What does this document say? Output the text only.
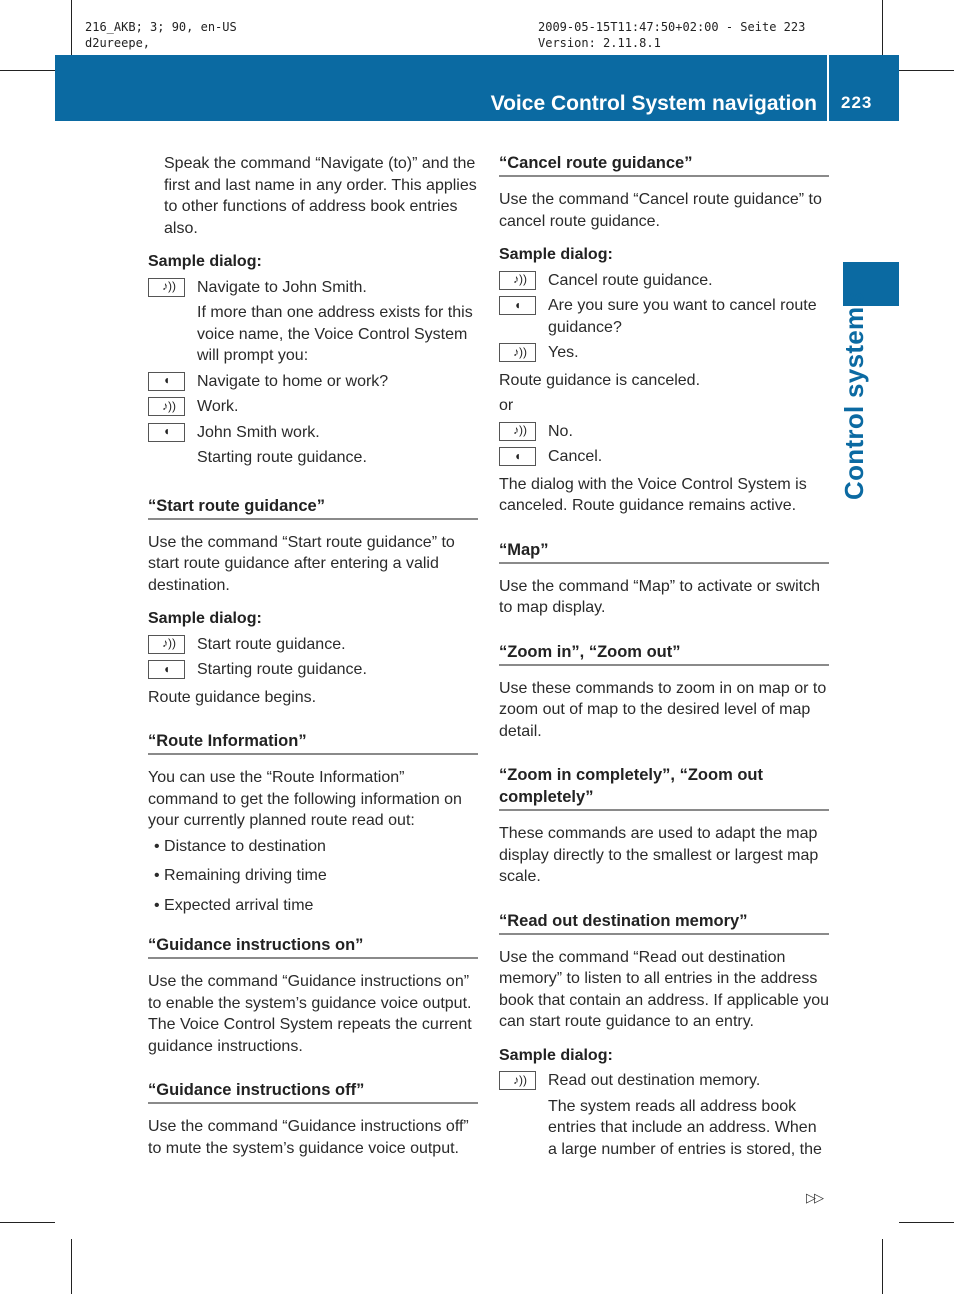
216_AKB; 3; 90, en-US
d2ureepe,
2009-05-15T11:47:50+02:00 - Seite 223
Version: 2.11.8.1
Voice Control System navigation 223
Control systems

Speak the command “Navigate (to)” and the first and last name in any order. This applies to other functions of address book entries also.

Sample dialog:
♪))	Navigate to John Smith.
If more than one address exists for this voice name, the Voice Control System will prompt you:
◖	Navigate to home or work?
♪))	Work.
◖	John Smith work.
Starting route guidance.
“Start route guidance”

Use the command “Start route guidance” to start route guidance after entering a valid destination.

Sample dialog:
♪))	Start route guidance.
◖	Starting route guidance.

Route guidance begins.

“Route Information”

You can use the “Route Information” command to get the following information on your currently planned route read out:

• Distance to destination
• Remaining driving time
• Expected arrival time
“Guidance instructions on”

Use the command “Guidance instructions on” to enable the system’s guidance voice output. The Voice Control System repeats the current guidance instructions.

“Guidance instructions off”

Use the command “Guidance instructions off” to mute the system’s guidance voice output.

“Cancel route guidance”

Use the command “Cancel route guidance” to cancel route guidance.

Sample dialog:
♪))	Cancel route guidance.
◖	Are you sure you want to cancel route guidance?
♪))	Yes.

Route guidance is canceled.

or

♪))	No.
◖	Cancel.

The dialog with the Voice Control System is canceled. Route guidance remains active.

“Map”

Use the command “Map” to activate or switch to map display.

“Zoom in”, “Zoom out”

Use these commands to zoom in on map or to zoom out of map to the desired level of map detail.

“Zoom in completely”, “Zoom out completely”

These commands are used to adapt the map display directly to the smallest or largest map scale.

“Read out destination memory”

Use the command “Read out destination memory” to listen to all entries in the address book that contain an address. If applicable you can start route guidance to an entry.

Sample dialog:
♪))	Read out destination memory.
The system reads all address book entries that include an address. When a large number of entries is stored, the
▷▷
